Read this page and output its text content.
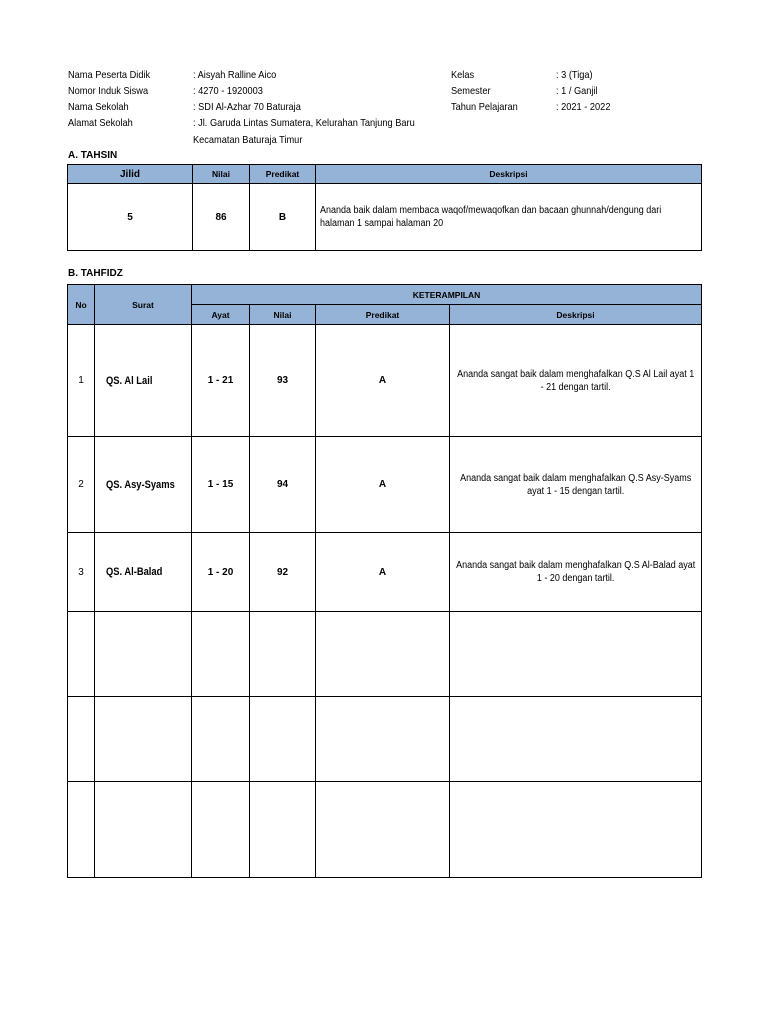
Nama Peserta Didik	: Aisyah Ralline Aico
Nomor Induk Siswa	: 4270 - 1920003
Nama Sekolah	: SDI Al-Azhar 70 Baturaja
Alamat Sekolah	: Jl. Garuda Lintas Sumatera, Kelurahan Tanjung Baru
Kecamatan Baturaja Timur
Kelas	: 3 (Tiga)
Semester	: 1 / Ganjil
Tahun Pelajaran	: 2021 - 2022
A. TAHSIN
Jilid	Nilai	Predikat	Deskripsi
5	86	B	Ananda baik dalam membaca waqof/mewaqofkan dan bacaan ghunnah/dengung dari halaman 1 sampai halaman 20
B. TAHFIDZ
No	Surat	KETERAMPILAN			
		Ayat	Nilai	Predikat	Deskripsi
1	QS. Al Lail	1 - 21	93	A	Ananda sangat baik dalam menghafalkan Q.S Al Lail ayat 1 - 21 dengan tartil.
2	QS. Asy-Syams	1 - 15	94	A	Ananda sangat baik dalam menghafalkan Q.S Asy-Syams ayat 1 - 15 dengan tartil.
3	QS. Al-Balad	1 - 20	92	A	Ananda sangat baik dalam menghafalkan Q.S Al-Balad ayat 1 - 20 dengan tartil.
